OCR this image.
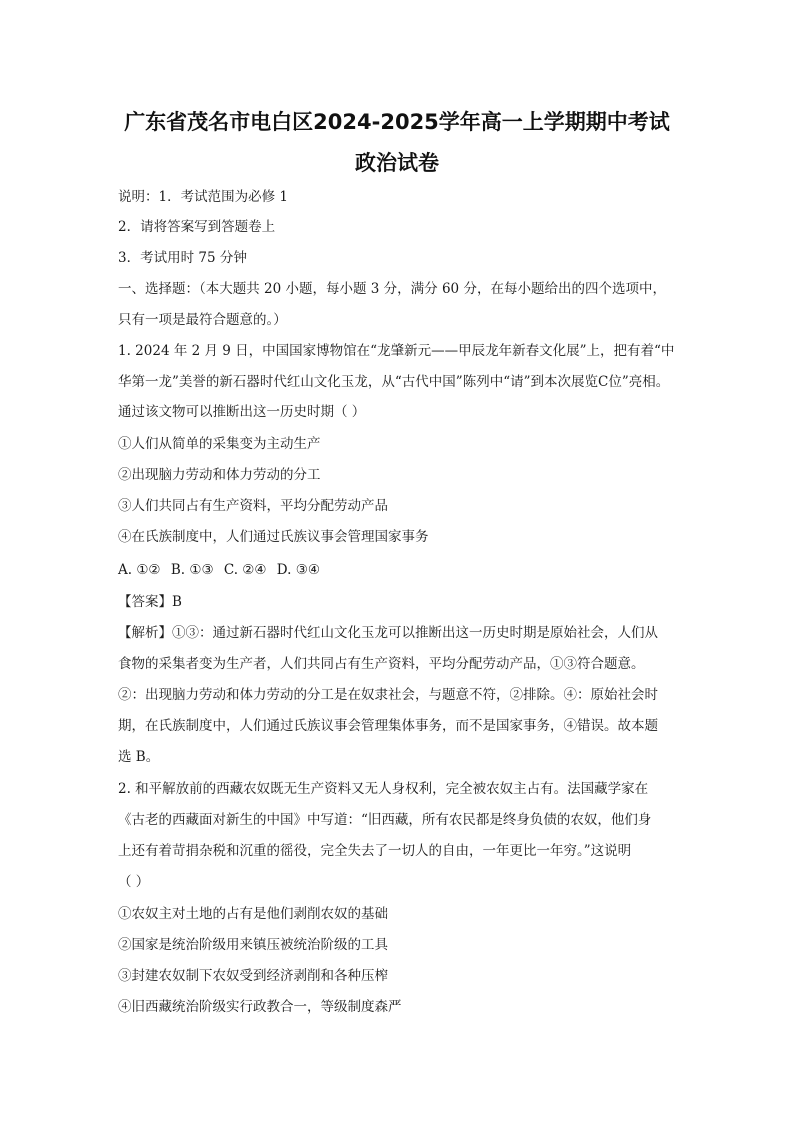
广东省茂名市电白区2024-2025学年高一上学期期中考试
政治试卷
说明：1．考试范围为必修 1
2．请将答案写到答题卷上
3．考试用时 75 分钟
一、选择题：（本大题共 20 小题，每小题 3 分，满分 60 分，在每小题给出的四个选项中，
只有一项是最符合题意的。）
1. 2024 年 2 月 9 日，中国国家博物馆在“龙肇新元——甲辰龙年新春文化展”上，把有着“中
华第一龙”美誉的新石器时代红山文化玉龙，从“古代中国”陈列中“请”到本次展览C位”亮相。
通过该文物可以推断出这一历史时期（ ）
①人们从简单的采集变为主动生产
②出现脑力劳动和体力劳动的分工
③人们共同占有生产资料，平均分配劳动产品
④在氏族制度中，人们通过氏族议事会管理国家事务
A. ①② B. ①③ C. ②④ D. ③④
【答案】B
【解析】①③：通过新石器时代红山文化玉龙可以推断出这一历史时期是原始社会，人们从
食物的采集者变为生产者，人们共同占有生产资料，平均分配劳动产品，①③符合题意。
②：出现脑力劳动和体力劳动的分工是在奴隶社会，与题意不符，②排除。④：原始社会时
期，在氏族制度中，人们通过氏族议事会管理集体事务，而不是国家事务，④错误。故本题
选 B。
2. 和平解放前的西藏农奴既无生产资料又无人身权利，完全被农奴主占有。法国藏学家在
《古老的西藏面对新生的中国》中写道：“旧西藏，所有农民都是终身负债的农奴，他们身
上还有着苛捐杂税和沉重的徭役，完全失去了一切人的自由，一年更比一年穷。”这说明
（ ）
①农奴主对土地的占有是他们剥削农奴的基础
②国家是统治阶级用来镇压被统治阶级的工具
③封建农奴制下农奴受到经济剥削和各种压榨
④旧西藏统治阶级实行政教合一，等级制度森严
